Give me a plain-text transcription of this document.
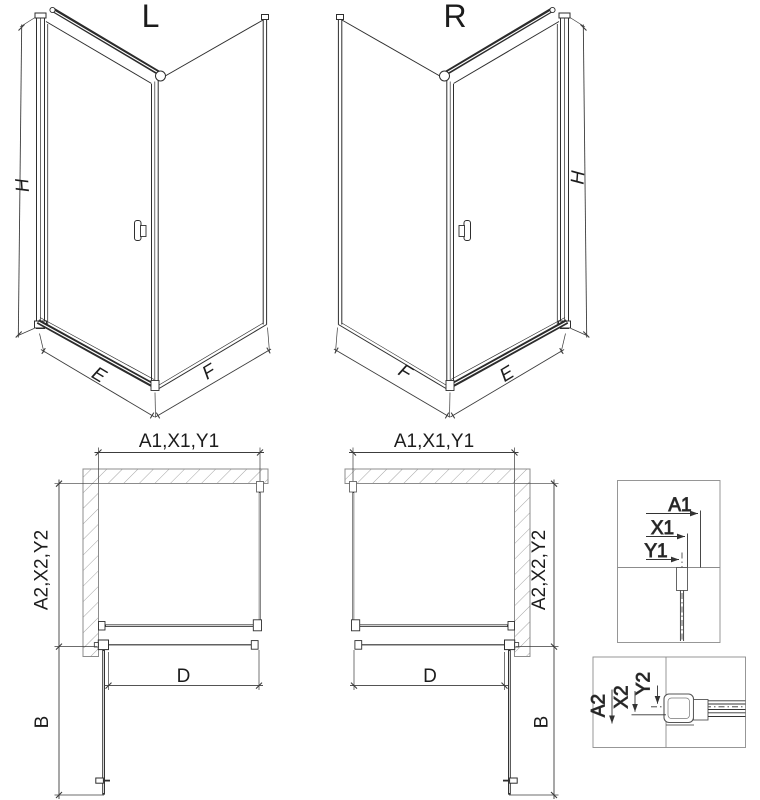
L
H
E	F
R
H
F	E
A1,X1,Y1
A2,X2,Y2
D
B
A1,X1,Y1
A2,X2,Y2
D
B
A1
X1
Y1
A2 X2
Y2
